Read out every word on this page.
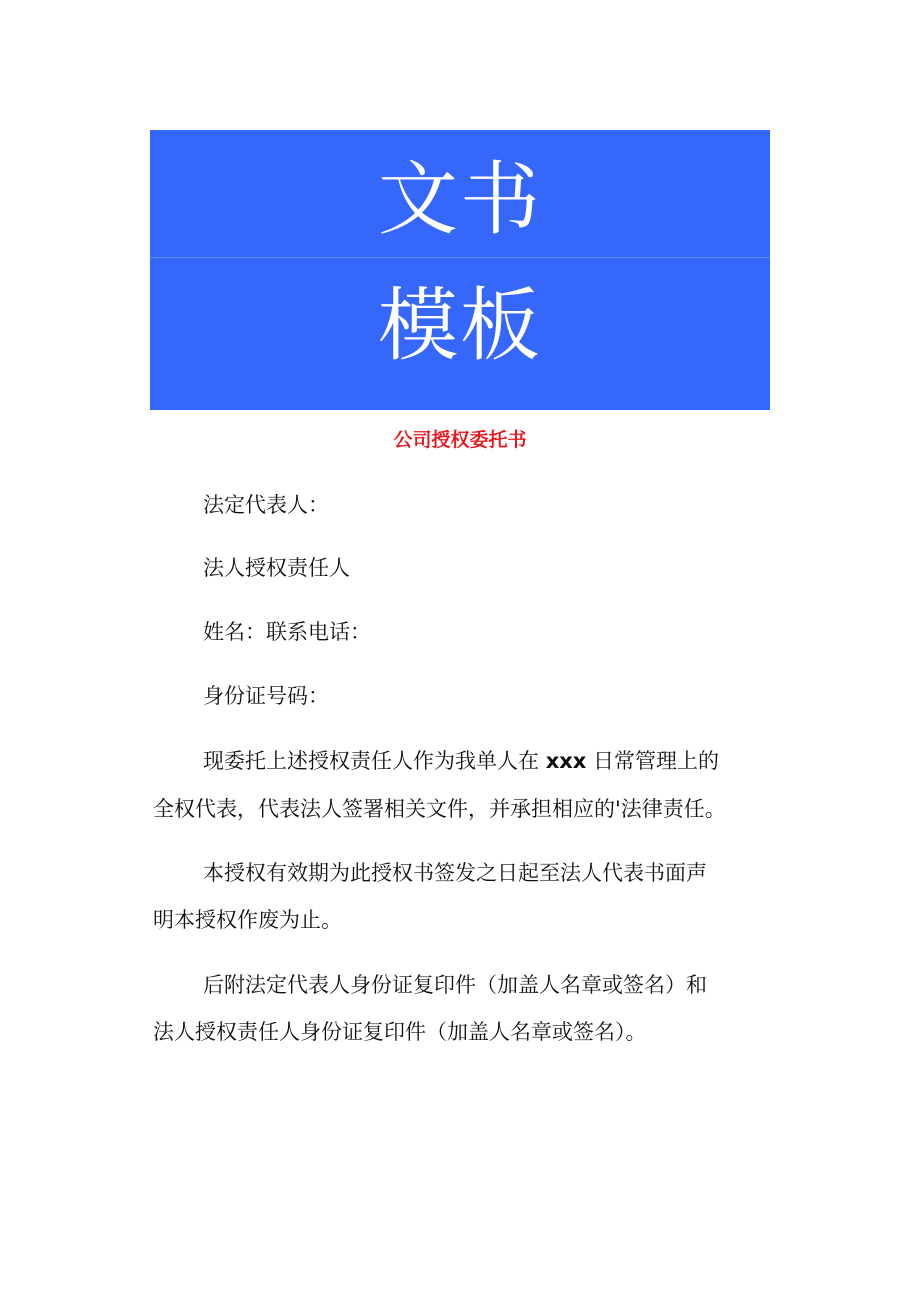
文书
模板
公司授权委托书
法定代表人：
法人授权责任人
姓名：联系电话：
身份证号码：
现委托上述授权责任人作为我单人在 xxx 日常管理上的
全权代表，代表法人签署相关文件，并承担相应的'法律责任。
本授权有效期为此授权书签发之日起至法人代表书面声
明本授权作废为止。
后附法定代表人身份证复印件（加盖人名章或签名）和
法人授权责任人身份证复印件（加盖人名章或签名）。
